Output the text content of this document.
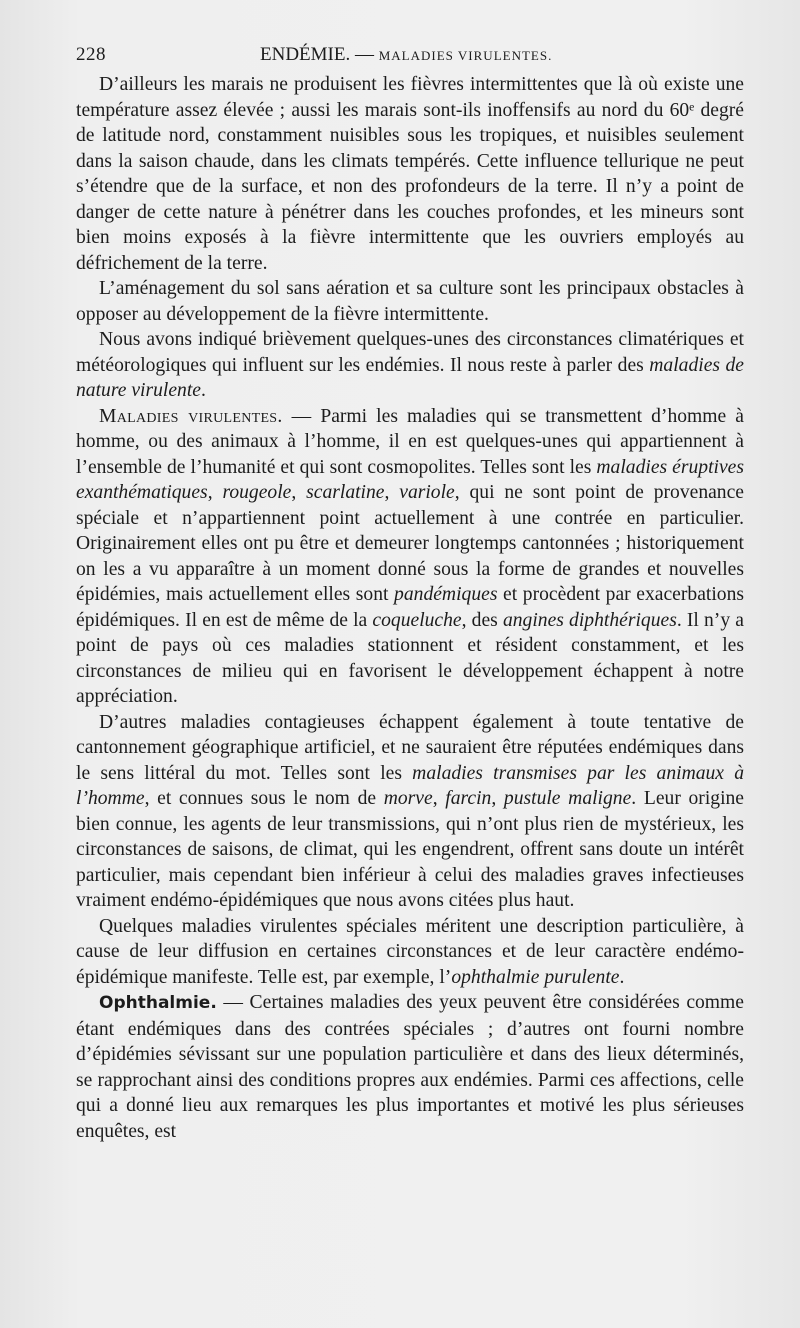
228	ENDÉMIE. — MALADIES VIRULENTES.

D’ailleurs les marais ne produisent les fièvres intermittentes que là où existe une température assez élevée ; aussi les marais sont-ils inoffensifs au nord du 60ᵉ degré de latitude nord, constamment nuisibles sous les tropiques, et nuisibles seulement dans la saison chaude, dans les climats tempérés. Cette influence tellurique ne peut s’étendre que de la surface, et non des profondeurs de la terre. Il n’y a point de danger de cette nature à pénétrer dans les couches profondes, et les mineurs sont bien moins exposés à la fièvre intermittente que les ouvriers employés au défrichement de la terre.

L’aménagement du sol sans aération et sa culture sont les principaux obstacles à opposer au développement de la fièvre intermittente.

Nous avons indiqué brièvement quelques-unes des circonstances climatériques et météorologiques qui influent sur les endémies. Il nous reste à parler des maladies de nature virulente.

Maladies virulentes. — Parmi les maladies qui se transmettent d’homme à homme, ou des animaux à l’homme, il en est quelques-unes qui appartiennent à l’ensemble de l’humanité et qui sont cosmopolites. Telles sont les maladies éruptives exanthématiques, rougeole, scarlatine, variole, qui ne sont point de provenance spéciale et n’appartiennent point actuellement à une contrée en particulier. Originairement elles ont pu être et demeurer longtemps cantonnées ; historiquement on les a vu apparaître à un moment donné sous la forme de grandes et nouvelles épidémies, mais actuellement elles sont pandémiques et procèdent par exacerbations épidémiques. Il en est de même de la coqueluche, des angines diphthériques. Il n’y a point de pays où ces maladies stationnent et résident constamment, et les circonstances de milieu qui en favorisent le développement échappent à notre appréciation.

D’autres maladies contagieuses échappent également à toute tentative de cantonnement géographique artificiel, et ne sauraient être réputées endémiques dans le sens littéral du mot. Telles sont les maladies transmises par les animaux à l’homme, et connues sous le nom de morve, farcin, pustule maligne. Leur origine bien connue, les agents de leur transmissions, qui n’ont plus rien de mystérieux, les circonstances de saisons, de climat, qui les engendrent, offrent sans doute un intérêt particulier, mais cependant bien inférieur à celui des maladies graves infectieuses vraiment endémo-épidémiques que nous avons citées plus haut.

Quelques maladies virulentes spéciales méritent une description particulière, à cause de leur diffusion en certaines circonstances et de leur caractère endémo-épidémique manifeste. Telle est, par exemple, l’ophthalmie purulente.

Ophthalmie. — Certaines maladies des yeux peuvent être considérées comme étant endémiques dans des contrées spéciales ; d’autres ont fourni nombre d’épidémies sévissant sur une population particulière et dans des lieux déterminés, se rapprochant ainsi des conditions propres aux endémies. Parmi ces affections, celle qui a donné lieu aux remarques les plus importantes et motivé les plus sérieuses enquêtes, est
